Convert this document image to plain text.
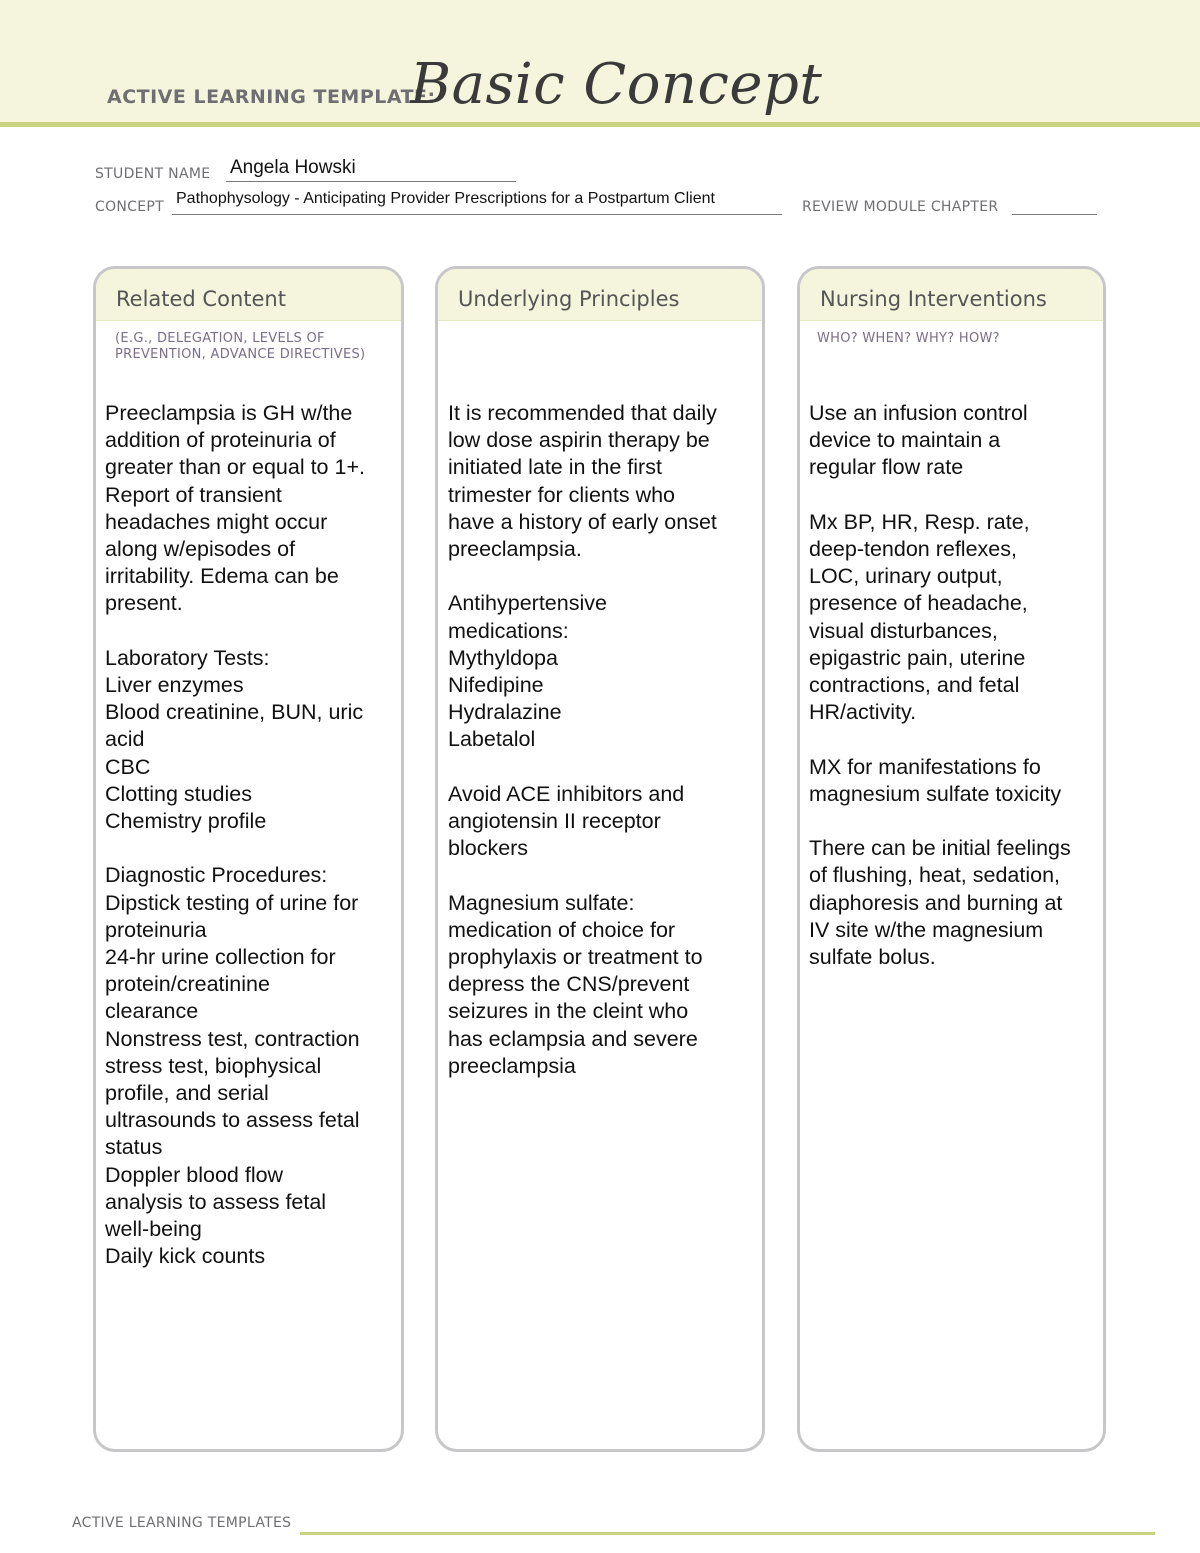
ACTIVE LEARNING TEMPLATE:
Basic Concept
STUDENT NAME Angela Howski
CONCEPT Pathophysology - Anticipating Provider Prescriptions for a Postpartum Client	REVIEW MODULE CHAPTER
Related Content
(E.G., DELEGATION, LEVELS OF PREVENTION, ADVANCE DIRECTIVES)

Preeclampsia is GH w/the
addition of proteinuria of
greater than or equal to 1+.
Report of transient
headaches might occur
along w/episodes of
irritability. Edema can be
present.

Laboratory Tests:
Liver enzymes
Blood creatinine, BUN, uric
acid
CBC
Clotting studies
Chemistry profile

Diagnostic Procedures:
Dipstick testing of urine for
proteinuria
24-hr urine collection for
protein/creatinine
clearance
Nonstress test, contraction
stress test, biophysical
profile, and serial
ultrasounds to assess fetal
status
Doppler blood flow
analysis to assess fetal
well-being
Daily kick counts

Underlying Principles

It is recommended that daily
low dose aspirin therapy be
initiated late in the first
trimester for clients who
have a history of early onset
preeclampsia.

Antihypertensive
medications:
Mythyldopa
Nifedipine
Hydralazine
Labetalol

Avoid ACE inhibitors and
angiotensin II receptor
blockers

Magnesium sulfate:
medication of choice for
prophylaxis or treatment to
depress the CNS/prevent
seizures in the cleint who
has eclampsia and severe
preeclampsia

Nursing Interventions
WHO? WHEN? WHY? HOW?

Use an infusion control
device to maintain a
regular flow rate

Mx BP, HR, Resp. rate,
deep-tendon reflexes,
LOC, urinary output,
presence of headache,
visual disturbances,
epigastric pain, uterine
contractions, and fetal
HR/activity.

MX for manifestations fo
magnesium sulfate toxicity

There can be initial feelings
of flushing, heat, sedation,
diaphoresis and burning at
IV site w/the magnesium
sulfate bolus.

ACTIVE LEARNING TEMPLATES
